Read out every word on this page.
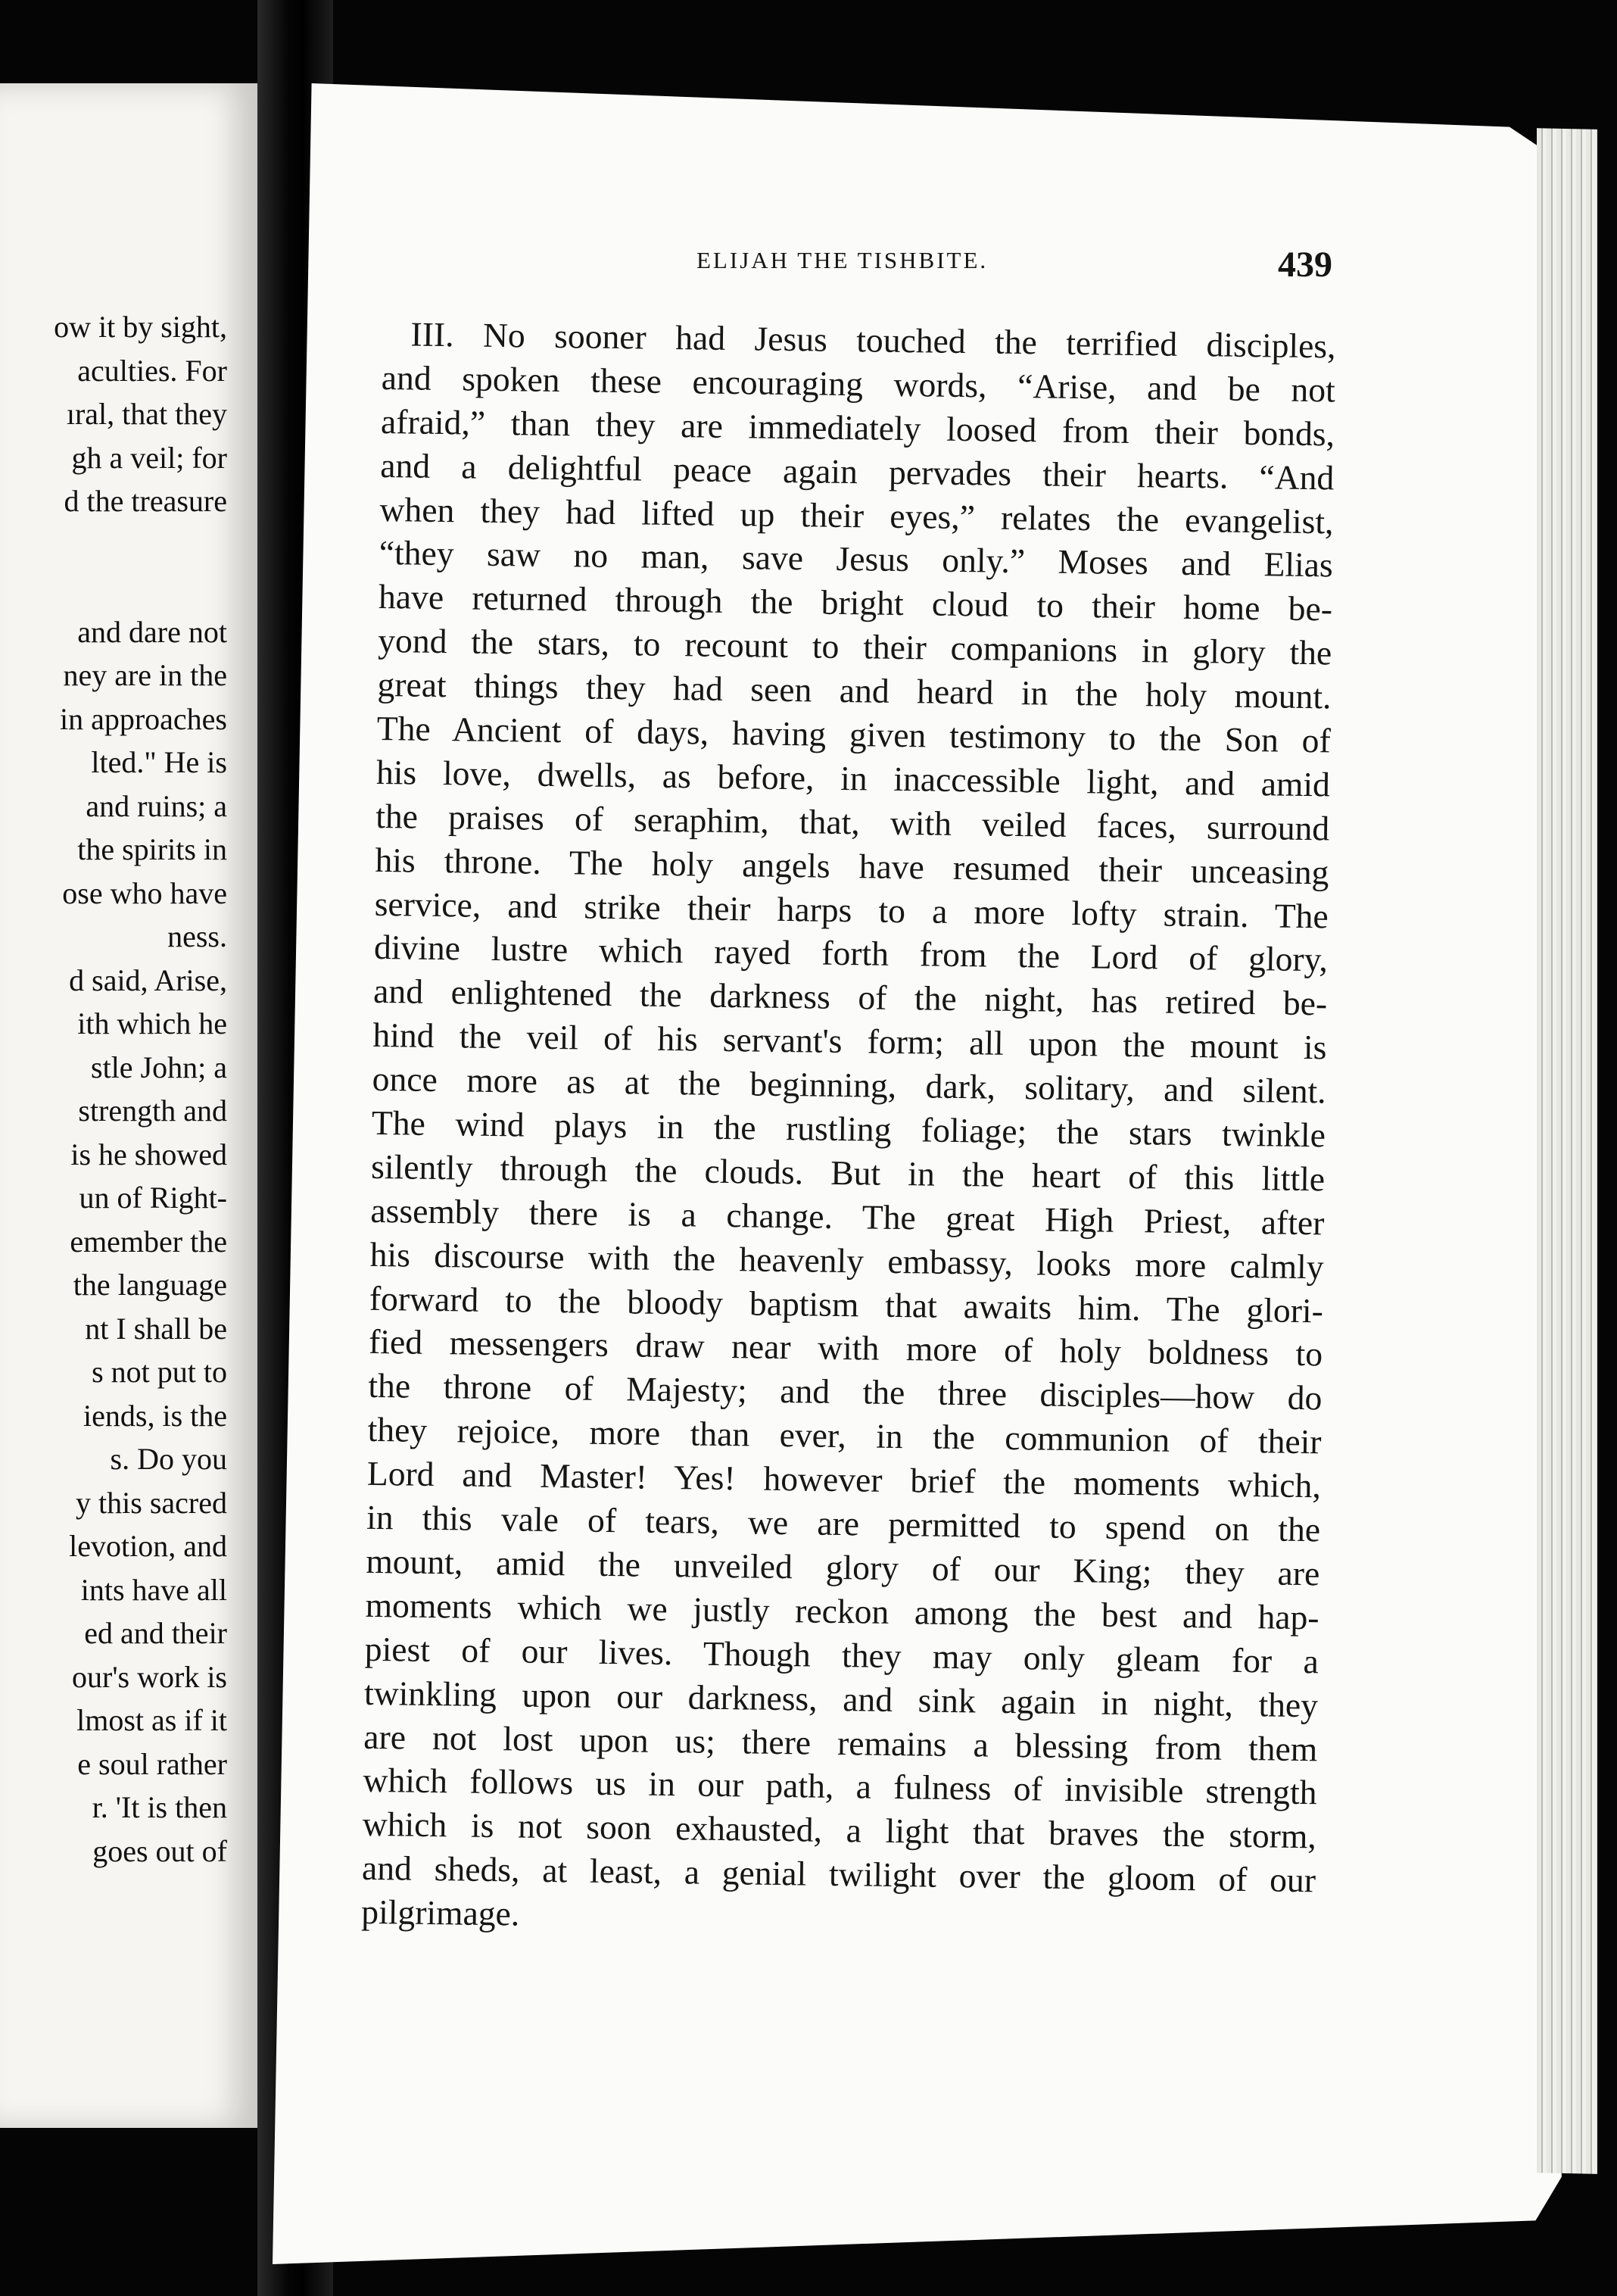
ow it by sight,
aculties. For
ıral, that they
gh a veil; for
d the treasure
and dare not
ney are in the
in approaches
lted." He is
and ruins; a
the spirits in
ose who have
ness.
d said, Arise,
ith which he
stle John; a
strength and
is he showed
un of Right-
emember the
the language
nt I shall be
s not put to
iends, is the
s. Do you
y this sacred
levotion, and
ints have all
ed and their
our's work is
lmost as if it
e soul rather
r. 'It is then
goes out of
ELIJAH THE TISHBITE.	439
III. No sooner had Jesus touched the terrified disciples,
and spoken these encouraging words, “Arise, and be not
afraid,” than they are immediately loosed from their bonds,
and a delightful peace again pervades their hearts. “And
when they had lifted up their eyes,” relates the evangelist,
“they saw no man, save Jesus only.” Moses and Elias
have returned through the bright cloud to their home be-
yond the stars, to recount to their companions in glory the
great things they had seen and heard in the holy mount.
The Ancient of days, having given testimony to the Son of
his love, dwells, as before, in inaccessible light, and amid
the praises of seraphim, that, with veiled faces, surround
his throne. The holy angels have resumed their unceasing
service, and strike their harps to a more lofty strain. The
divine lustre which rayed forth from the Lord of glory,
and enlightened the darkness of the night, has retired be-
hind the veil of his servant's form; all upon the mount is
once more as at the beginning, dark, solitary, and silent.
The wind plays in the rustling foliage; the stars twinkle
silently through the clouds. But in the heart of this little
assembly there is a change. The great High Priest, after
his discourse with the heavenly embassy, looks more calmly
forward to the bloody baptism that awaits him. The glori-
fied messengers draw near with more of holy boldness to
the throne of Majesty; and the three disciples—how do
they rejoice, more than ever, in the communion of their
Lord and Master! Yes! however brief the moments which,
in this vale of tears, we are permitted to spend on the
mount, amid the unveiled glory of our King; they are
moments which we justly reckon among the best and hap-
piest of our lives. Though they may only gleam for a
twinkling upon our darkness, and sink again in night, they
are not lost upon us; there remains a blessing from them
which follows us in our path, a fulness of invisible strength
which is not soon exhausted, a light that braves the storm,
and sheds, at least, a genial twilight over the gloom of our
pilgrimage.
